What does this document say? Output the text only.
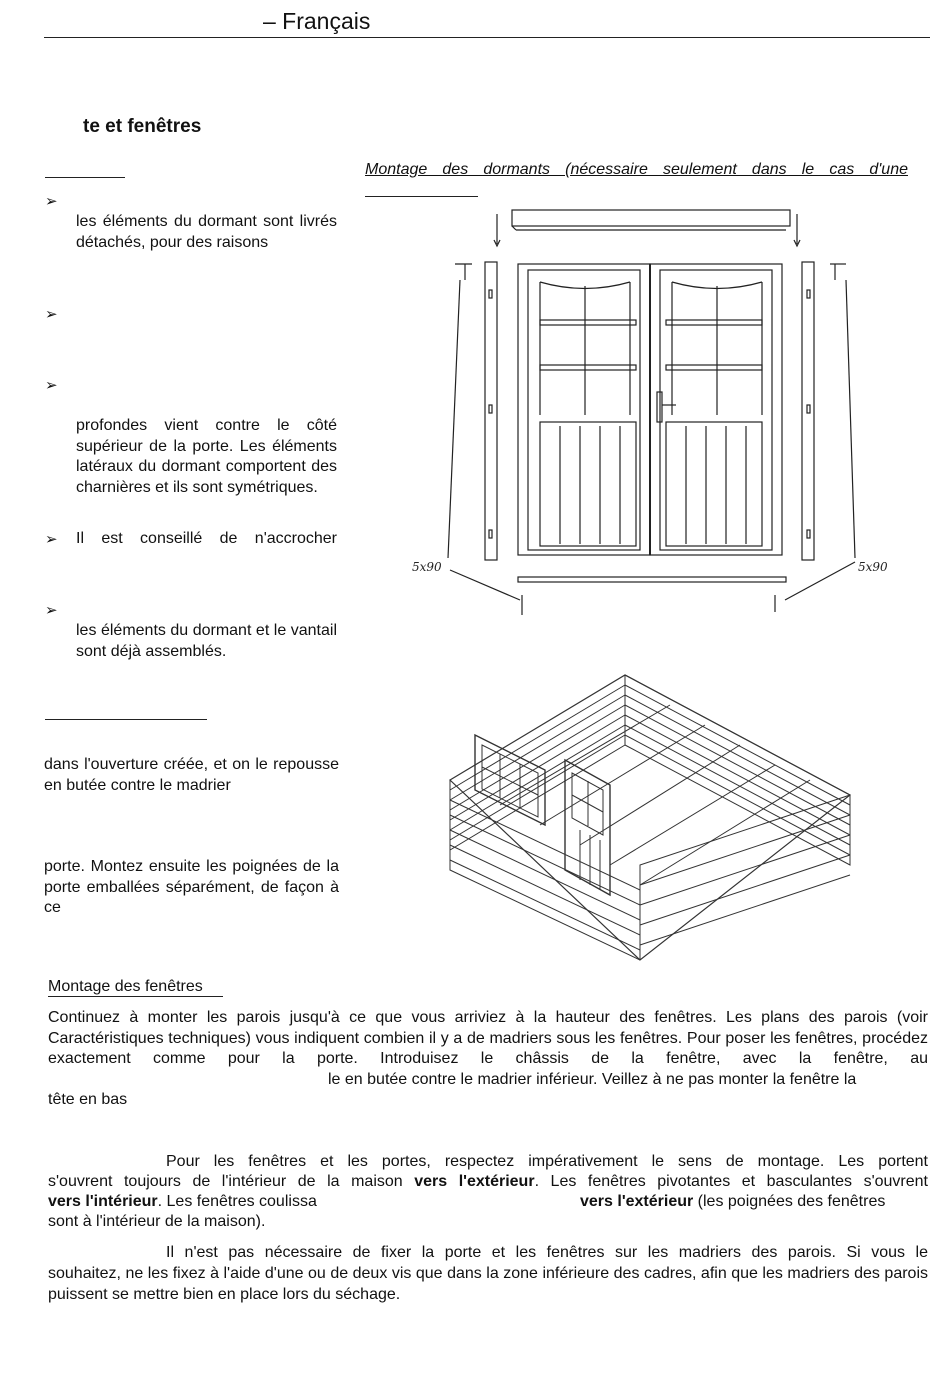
– Français
te et fenêtres
➢
les éléments du dormant sont livrés détachés, pour des raisons
➢
➢
profondes vient contre le côté supérieur de la porte. Les éléments latéraux du dormant comportent des charnières et ils sont symétriques.
➢ Il est conseillé de n'accrocher
➢
les éléments du dormant et le vantail sont déjà assemblés.
dans l'ouverture créée, et on le repousse en butée contre le madrier
porte. Montez ensuite les poignées de la porte emballées séparément, de façon à ce
Montage des dormants (nécessaire seulement dans le cas d'une
5x90	5x90
Montage des fenêtres
Continuez à monter les parois jusqu'à ce que vous arriviez à la hauteur des fenêtres. Les plans des parois (voir Caractéristiques techniques) vous indiquent combien il y a de madriers sous les fenêtres. Pour poser les fenêtres, procédez exactement comme pour la porte. Introduisez le châssis de la fenêtre, avec la fenêtre, au
le en butée contre le madrier inférieur. Veillez à ne pas monter la fenêtre la
tête en bas
Pour les fenêtres et les portes, respectez impérativement le sens de montage. Les portent
s'ouvrent toujours de l'intérieur de la maison vers l'extérieur. Les fenêtres pivotantes et basculantes s'ouvrent
vers l'intérieur. Les fenêtres coulissa	vers l'extérieur (les poignées des fenêtres
sont à l'intérieur de la maison).
Il n'est pas nécessaire de fixer la porte et les fenêtres sur les madriers des parois. Si vous le
souhaitez, ne les fixez à l'aide d'une ou de deux vis que dans la zone inférieure des cadres, afin que les madriers des parois puissent se mettre bien en place lors du séchage.
